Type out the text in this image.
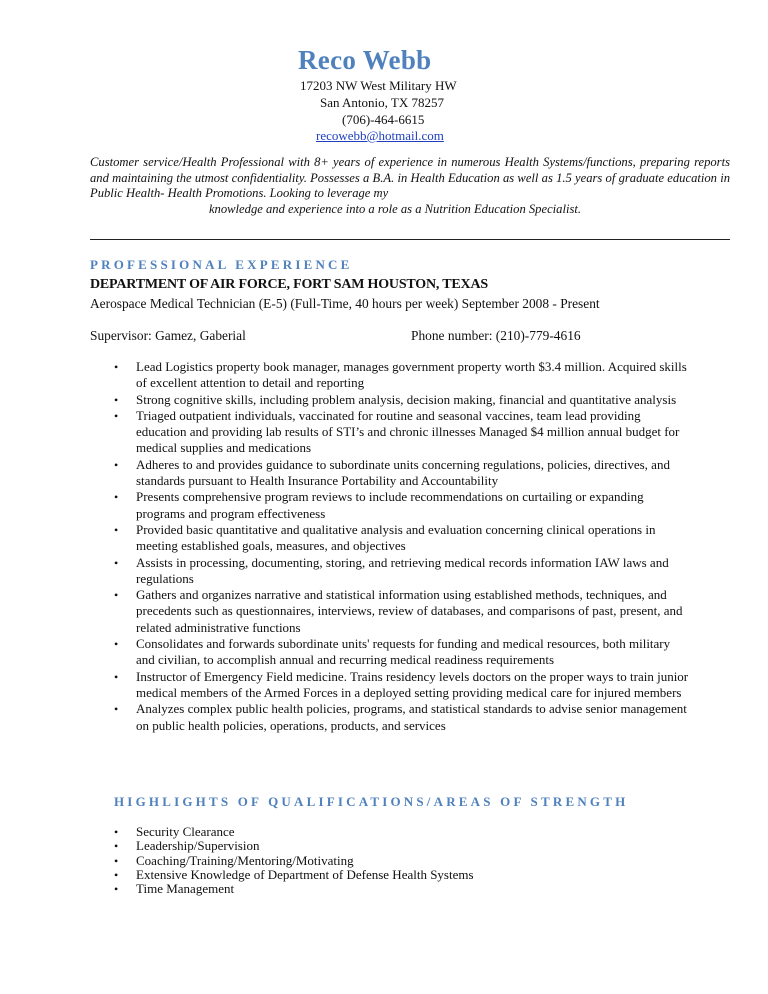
Reco Webb
17203 NW West Military HW
San Antonio, TX 78257
(706)-464-6615
recowebb@hotmail.com
Customer service/Health Professional with 8+ years of experience in numerous Health Systems/functions, preparing reports and maintaining the utmost confidentiality. Possesses a B.A. in Health Education as well as 1.5 years of graduate education in Public Health- Health Promotions. Looking to leverage my
knowledge and experience into a role as a Nutrition Education Specialist.
PROFESSIONAL EXPERIENCE
DEPARTMENT OF AIR FORCE, FORT SAM HOUSTON, TEXAS
Aerospace Medical Technician (E-5) (Full-Time, 40 hours per week) September 2008 - Present
Supervisor: Gamez, Gaberial	Phone number: (210)-779-4616
• Lead Logistics property book manager, manages government property worth $3.4 million. Acquired skills of excellent attention to detail and reporting
• Strong cognitive skills, including problem analysis, decision making, financial and quantitative analysis
• Triaged outpatient individuals, vaccinated for routine and seasonal vaccines, team lead providing education and providing lab results of STI’s and chronic illnesses Managed $4 million annual budget for medical supplies and medications
• Adheres to and provides guidance to subordinate units concerning regulations, policies, directives, and standards pursuant to Health Insurance Portability and Accountability
• Presents comprehensive program reviews to include recommendations on curtailing or expanding programs and program effectiveness
• Provided basic quantitative and qualitative analysis and evaluation concerning clinical operations in meeting established goals, measures, and objectives
• Assists in processing, documenting, storing, and retrieving medical records information IAW laws and regulations
• Gathers and organizes narrative and statistical information using established methods, techniques, and precedents such as questionnaires, interviews, review of databases, and comparisons of past, present, and related administrative functions
• Consolidates and forwards subordinate units' requests for funding and medical resources, both military and civilian, to accomplish annual and recurring medical readiness requirements
• Instructor of Emergency Field medicine. Trains residency levels doctors on the proper ways to train junior medical members of the Armed Forces in a deployed setting providing medical care for injured members
• Analyzes complex public health policies, programs, and statistical standards to advise senior management on public health policies, operations, products, and services
HIGHLIGHTS OF QUALIFICATIONS/AREAS OF STRENGTH
• Security Clearance
• Leadership/Supervision
• Coaching/Training/Mentoring/Motivating
• Extensive Knowledge of Department of Defense Health Systems
• Time Management
